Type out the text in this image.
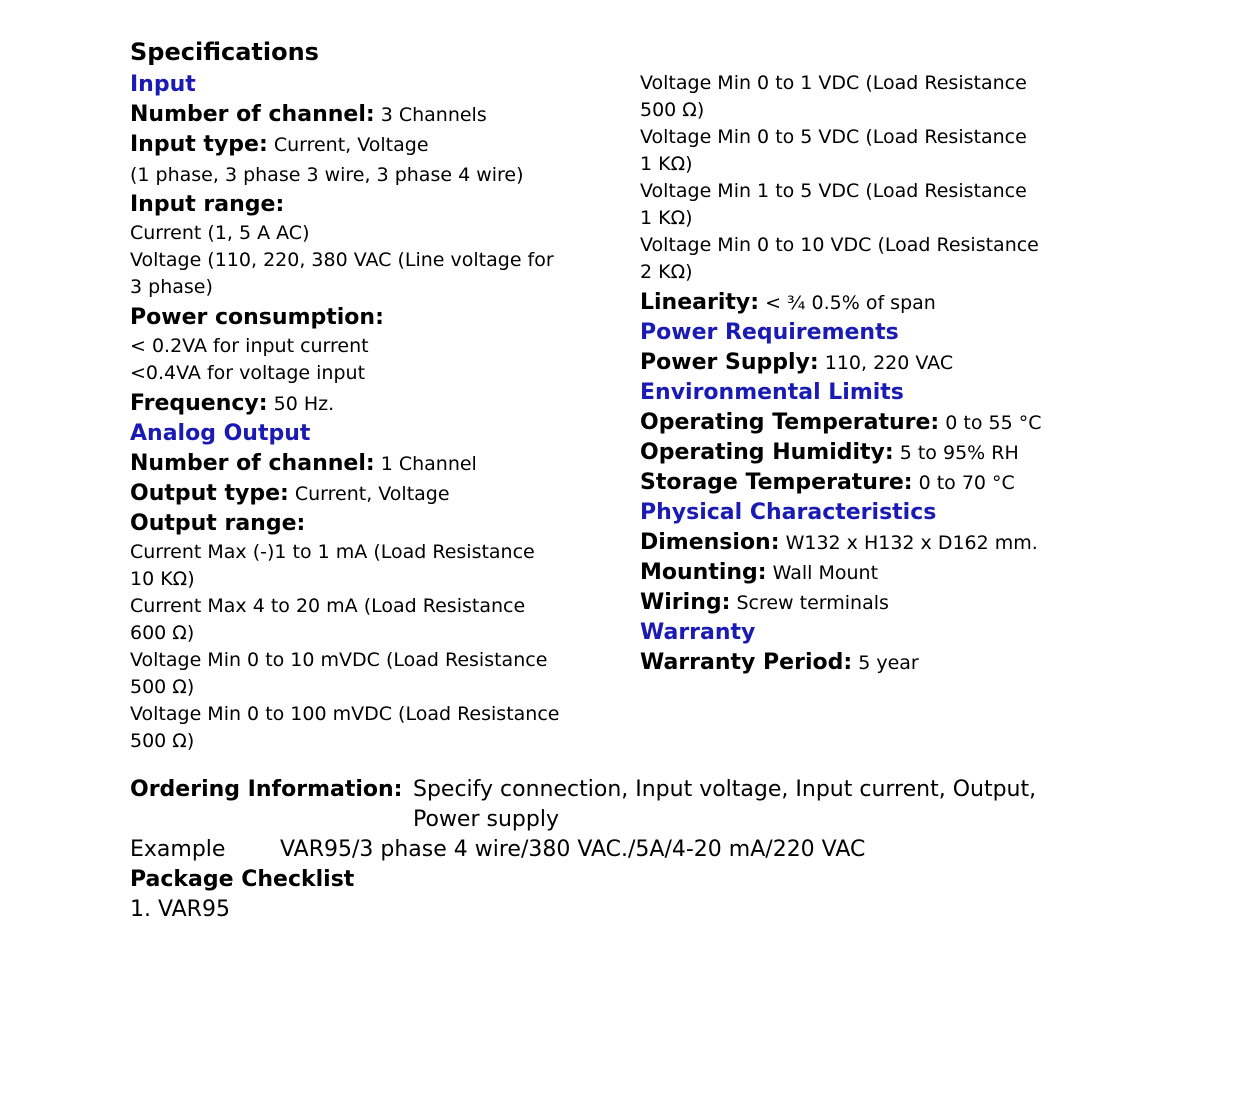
Specifications
Input
Number of channel: 3 Channels
Input type: Current, Voltage
(1 phase, 3 phase 3 wire, 3 phase 4 wire)
Input range:
Current (1, 5 A AC)
Voltage (110, 220, 380 VAC (Line voltage for
3 phase)
Power consumption:
< 0.2VA for input current
<0.4VA for voltage input
Frequency: 50 Hz.
Analog Output
Number of channel: 1 Channel
Output type: Current, Voltage
Output range:
Current Max (-)1 to 1 mA (Load Resistance
10 KΩ)
Current Max 4 to 20 mA (Load Resistance
600 Ω)
Voltage Min 0 to 10 mVDC (Load Resistance
500 Ω)
Voltage Min 0 to 100 mVDC (Load Resistance
500 Ω)
Voltage Min 0 to 1 VDC (Load Resistance
500 Ω)
Voltage Min 0 to 5 VDC (Load Resistance
1 KΩ)
Voltage Min 1 to 5 VDC (Load Resistance
1 KΩ)
Voltage Min 0 to 10 VDC (Load Resistance
2 KΩ)
Linearity: < ¾ 0.5% of span
Power Requirements
Power Supply: 110, 220 VAC
Environmental Limits
Operating Temperature: 0 to 55 °C
Operating Humidity: 5 to 95% RH
Storage Temperature: 0 to 70 °C
Physical Characteristics
Dimension: W132 x H132 x D162 mm.
Mounting: Wall Mount
Wiring: Screw terminals
Warranty
Warranty Period: 5 year
Ordering Information: Specify connection, Input voltage, Input current, Output, Power supply
Example	VAR95/3 phase 4 wire/380 VAC./5A/4-20 mA/220 VAC
Package Checklist
1. VAR95
